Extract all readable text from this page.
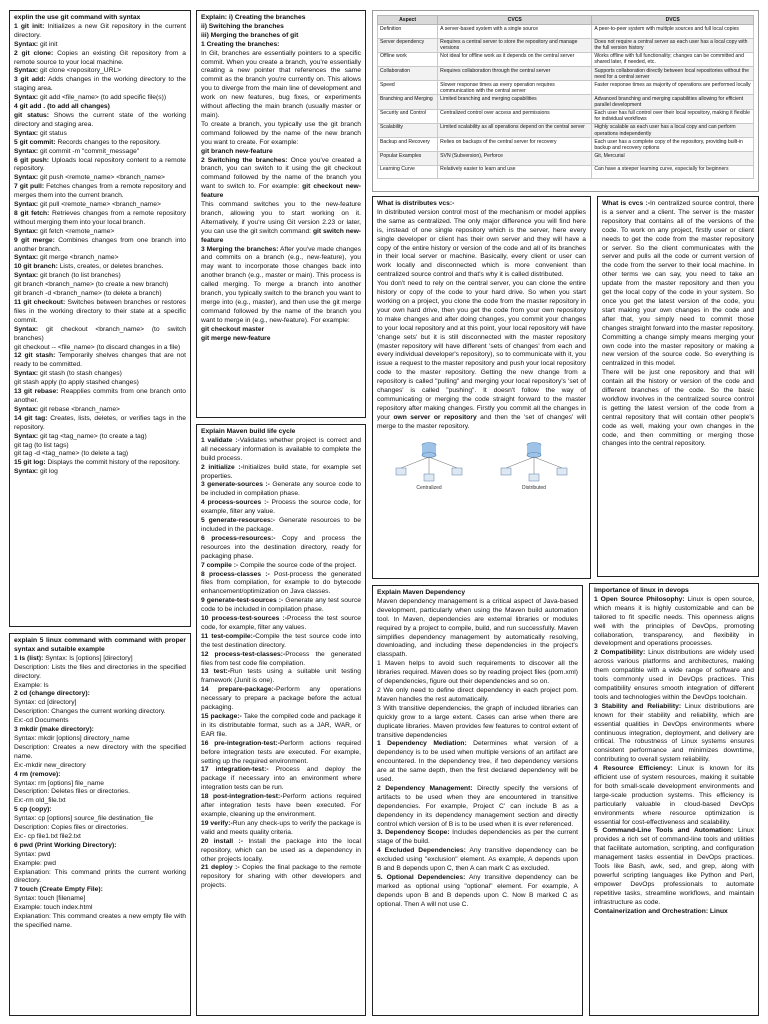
Aspect	CVCS	DVCS
Definition	A server-based system with a single source	A peer-to-peer system with multiple sources and full local copies
Server dependency	Requires a central server to store the repository and manage versions	Does not require a central server as each user has a local copy with the full version history
Offline work	Not ideal for offline work as it depends on the central server	Works offline with full functionality; changes can be committed and shared later, if needed, etc.
Collaboration	Requires collaboration through the central server	Supports collaboration directly between local repositories without the need for a central server
Speed	Slower response times as every operation requires communication with the central server	Faster response times as majority of operations are performed locally
Branching and Merging	Limited branching and merging capabilities	Advanced branching and merging capabilities allowing for efficient parallel development
Security and Control	Centralized control over access and permissions	Each user has full control over their local repository, making it flexible for individual workflows
Scalability	Limited scalability as all operations depend on the central server	Highly scalable as each user has a local copy and can perform operations independently
Backup and Recovery	Relies on backups of the central server for recovery	Each user has a complete copy of the repository, providing built-in backup and recovery options
Popular Examples	SVN (Subversion), Perforce	Git, Mercurial
Learning Curve	Relatively easier to learn and use	Can have a steeper learning curve, especially for beginners

explin the use git command with syntax

1 git init: Initializes a new Git repository in the current directory.

Syntax: git init

2 git clone: Copies an existing Git repository from a remote source to your local machine.

Syntax: git clone <repository_URL>

3 git add: Adds changes in the working directory to the staging area.

Syntax: git add <file_name> (to add specific file(s))

4 git add . (to add all changes)

git status: Shows the current state of the working directory and staging area.

Syntax: git status

5 git commit: Records changes to the repository.

Syntax: git commit -m "commit_message"

6 git push: Uploads local repository content to a remote repository.

Syntax: git push <remote_name> <branch_name>

7 git pull: Fetches changes from a remote repository and merges them into the current branch.

Syntax: git pull <remote_name> <branch_name>

8 git fetch: Retrieves changes from a remote repository without merging them into your local branch.

Syntax: git fetch <remote_name>

9 git merge: Combines changes from one branch into another branch.

Syntax: git merge <branch_name>

10 git branch: Lists, creates, or deletes branches.

Syntax: git branch (to list branches)

git branch <branch_name> (to create a new branch)

git branch -d <branch_name> (to delete a branch)

11 git checkout: Switches between branches or restores files in the working directory to their state at a specific commit.

Syntax: git checkout <branch_name> (to switch branches)

git checkout -- <file_name> (to discard changes in a file)

12 git stash: Temporarily shelves changes that are not ready to be committed.

Syntax: git stash (to stash changes)

git stash apply (to apply stashed changes)

13 git rebase: Reapplies commits from one branch onto another.

Syntax: git rebase <branch_name>

14 git tag: Creates, lists, deletes, or verifies tags in the repository.

Syntax: git tag <tag_name> (to create a tag)

git tag (to list tags)

git tag -d <tag_name> (to delete a tag)

15 git log: Displays the commit history of the repository.

Syntax: git log

Explain: i) Creating the branches

ii) Switching the branches

iii) Merging the branches of git

1 Creating the branches:

In Git, branches are essentially pointers to a specific commit. When you create a branch, you're essentially creating a new pointer that references the same commit as the branch you're currently on. This allows you to diverge from the main line of development and work on new features, bug fixes, or experiments without affecting the main branch (usually master or main).

To create a branch, you typically use the git branch command followed by the name of the new branch you want to create. For example:

git branch new-feature

2 Switching the branches: Once you've created a branch, you can switch to it using the git checkout command followed by the name of the branch you want to switch to. For example: git checkout new-feature

This command switches you to the new-feature branch, allowing you to start working on it. Alternatively, if you're using Git version 2.23 or later, you can use the git switch command: git switch new-feature

3 Merging the branches: After you've made changes and commits on a branch (e.g., new-feature), you may want to incorporate those changes back into another branch (e.g., master or main). This process is called merging. To merge a branch into another branch, you typically switch to the branch you want to merge into (e.g., master), and then use the git merge command followed by the name of the branch you want to merge in (e.g., new-feature). For example:

git checkout master

git merge new-feature

Explain Maven build life cycle

1 validate :-Validates whether project is correct and all necessary information is available to complete the build process.

2 initialize :-Initializes build state, for example set properties.

3 generate-sources :- Generate any source code to be included in compilation phase.

4 process-sources :- Process the source code, for example, filter any value.

5 generate-resources:- Generate resources to be included in the package.

6 process-resources:- Copy and process the resources into the destination directory, ready for packaging phase.

7 compile :- Compile the source code of the project.

8 process-classes :- Post-process the generated files from compilation, for example to do bytecode enhancement/optimization on Java classes.

9 generate-test-sources :- Generate any test source code to be included in compilation phase.

10 process-test-sources :-Process the test source code, for example, filter any values.

11 test-compile:-Compile the test source code into the test destination directory.

12 process-test-classes:-Process the generated files from test code file compilation.

13 test:-Run tests using a suitable unit testing framework (Junit is one).

14 prepare-package:-Perform any operations necessary to prepare a package before the actual packaging.

15 package:- Take the compiled code and package it in its distributable format, such as a JAR, WAR, or EAR file.

16 pre-integration-test:-Perform actions required before integration tests are executed. For example, setting up the required environment.

17 integration-test:- Process and deploy the package if necessary into an environment where integration tests can be run.

18 post-integration-test:-Perform actions required after integration tests have been executed. For example, cleaning up the environment.

19 verify:-Run any check-ups to verify the package is valid and meets quality criteria.

20 install :- Install the package into the local repository, which can be used as a dependency in other projects locally.

21 deploy :- Copies the final package to the remote repository for sharing with other developers and projects.

explain 5 linux command with command with proper syntax and sutaible example

1 ls (list): Syntax: ls [options] [directory]

Description: Lists the files and directories in the specified directory.

Example: ls

2 cd (change directory):

Syntax: cd [directory]

Description: Changes the current working directory.

Ex:-cd Documents

3 mkdir (make directory):

Syntax: mkdir [options] directory_name

Description: Creates a new directory with the specified name.

Ex:-mkdir new_directory

4 rm (remove):

Syntax: rm [options] file_name

Description: Deletes files or directories.

Ex:-rm old_file.txt

5 cp (copy):

Syntax: cp [options] source_file destination_file

Description: Copies files or directories.

Ex:- cp file1.txt file2.txt

6 pwd (Print Working Directory):

Syntax: pwd

Example: pwd

Explanation: This command prints the current working directory.

7 touch (Create Empty File):

Syntax: touch [filename]

Example: touch index.html

Explanation: This command creates a new empty file with the specified name.

What is distributes vcs:-

In distributed version control most of the mechanism or model applies the same as centralized. The only major difference you will find here is, instead of one single repository which is the server, here every single developer or client has their own server and they will have a copy of the entire history or version of the code and all of its branches in their local server or machine. Basically, every client or user can work locally and disconnected which is more convenient than centralized source control and that's why it is called distributed.

You don't need to rely on the central server, you can clone the entire history or copy of the code to your hard drive. So when you start working on a project, you clone the code from the master repository in your own hard drive, then you get the code from your own repository to make changes and after doing changes, you commit your changes to your local repository and at this point, your local repository will have 'change sets' but it is still disconnected with the master repository (master repository will have different 'sets of changes' from each and every individual developer's repository), so to communicate with it, you issue a request to the master repository and push your local repository code to the master repository. Getting the new change from a repository is called "pulling" and merging your local repository's 'set of changes' is called "pushing". It doesn't follow the way of communicating or merging the code straight forward to the master repository after making changes. Firstly you commit all the changes in your own server or repository and then the 'set of changes' will merge to the master repository.

Centralized	Distributed

What is cvcs :-In centralized source control, there is a server and a client. The server is the master repository that contains all of the versions of the code. To work on any project, firstly user or client needs to get the code from the master repository or server. So the client communicates with the server and pulls all the code or current version of the code from the server to their local machine. In other terms we can say, you need to take an update from the master repository and then you get the local copy of the code in your system. So once you get the latest version of the code, you start making your own changes in the code and after that, you simply need to commit those changes straight forward into the master repository. Committing a change simply means merging your own code into the master repository or making a new version of the source code. So everything is centralized in this model.

There will be just one repository and that will contain all the history or version of the code and different branches of the code. So the basic workflow involves in the centralized source control is getting the latest version of the code from a central repository that will contain other people's code as well, making your own changes in the code, and then committing or merging those changes into the central repository.

Explain Maven Dependency

Maven dependency management is a critical aspect of Java-based development, particularly when using the Maven build automation tool. In Maven, dependencies are external libraries or modules required by a project to compile, build, and run successfully. Maven simplifies dependency management by automatically resolving, downloading, and including these dependencies in the project's classpath.

1 Maven helps to avoid such requirements to discover all the libraries required. Maven does so by reading project files (pom.xml) of dependencies, figure out their dependencies and so on.

2 We only need to define direct dependency in each project pom. Maven handles the rest automatically.

3 With transitive dependencies, the graph of included libraries can quickly grow to a large extent. Cases can arise when there are duplicate libraries. Maven provides few features to control extent of transitive dependencies

1 Dependency Mediation: Determines what version of a dependency is to be used when multiple versions of an artifact are encountered. In the dependency tree, if two dependency versions are at the same depth, then the first declared dependency will be used.

2 Dependency Management: Directly specify the versions of artifacts to be used when they are encountered in transitive dependencies. For example, Project C' can include B as a dependency in its dependency management section and directly control which version of B is to be used when it is ever referenced.

3. Dependency Scope: Includes dependencies as per the current stage of the build.

4 Excluded Dependencies: Any transitive dependency can be excluded using "exclusion" element. As example, A depends upon B and B depends upon C, then A can mark C as excluded.

5. Optional Dependencies: Any transitive dependency can be marked as optional using "optional" element. For example, A depends upon B and B depends upon C. Now B marked C as optional. Then A will not use C.

Importance of linux in devops

1 Open Source Philosophy: Linux is open source, which means it is highly customizable and can be tailored to fit specific needs. This openness aligns well with the principles of DevOps, promoting collaboration, transparency, and flexibility in development and operations processes.

2 Compatibility: Linux distributions are widely used across various platforms and architectures, making them compatible with a wide range of software and tools commonly used in DevOps practices. This compatibility ensures smooth integration of different tools and technologies within the DevOps toolchain.

3 Stability and Reliability: Linux distributions are known for their stability and reliability, which are essential qualities in DevOps environments where continuous integration, deployment, and delivery are critical. The robustness of Linux systems ensures consistent performance and minimizes downtime, contributing to overall system reliability.

4 Resource Efficiency: Linux is known for its efficient use of system resources, making it suitable for both small-scale development environments and large-scale production systems. This efficiency is particularly valuable in cloud-based DevOps environments where resource optimization is essential for cost-effectiveness and scalability.

5 Command-Line Tools and Automation: Linux provides a rich set of command-line tools and utilities that facilitate automation, scripting, and configuration management tasks essential in DevOps practices. Tools like Bash, awk, sed, and grep, along with powerful scripting languages like Python and Perl, empower DevOps professionals to automate repetitive tasks, streamline workflows, and maintain infrastructure as code.

Containerization and Orchestration: Linux
